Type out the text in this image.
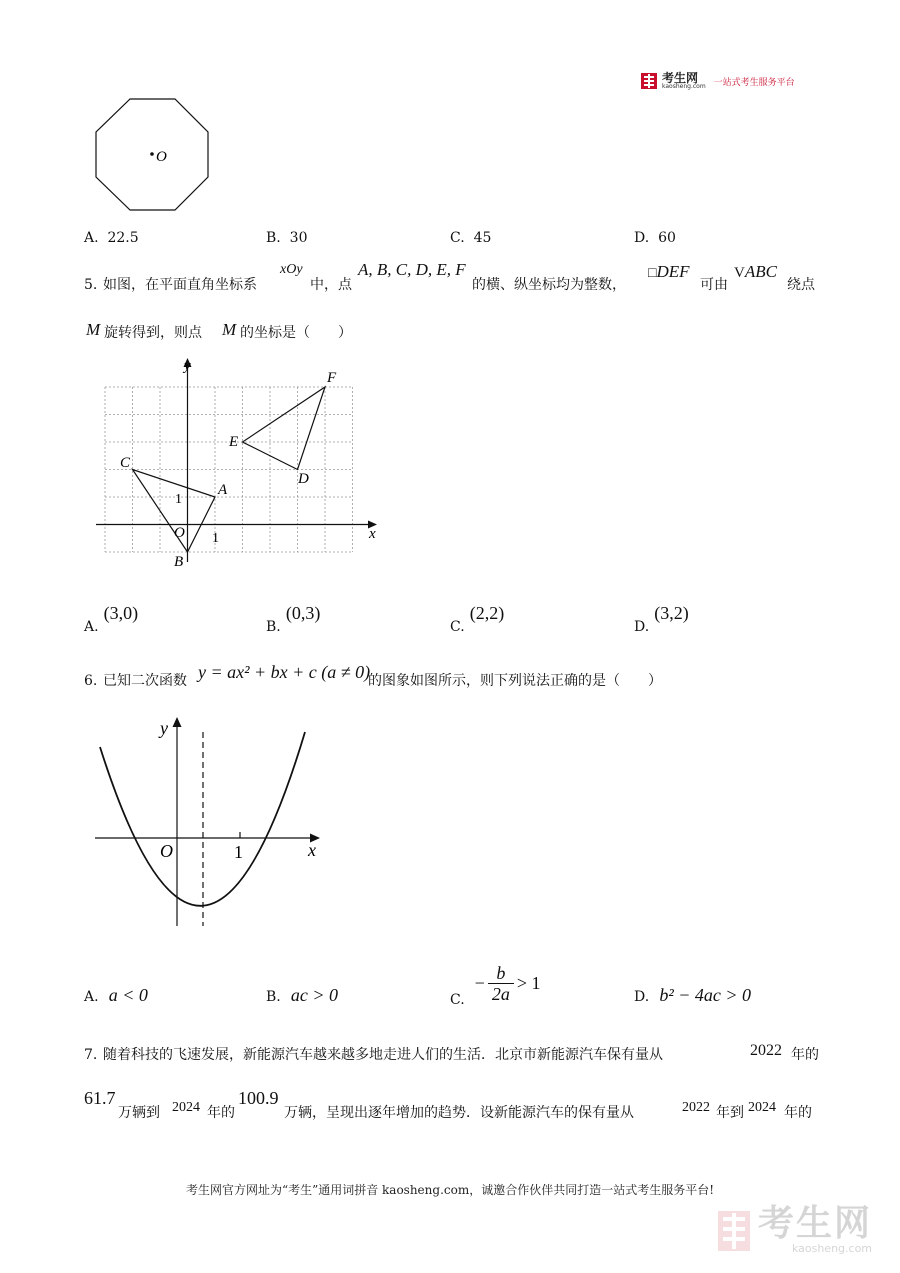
考生网
kaosheng.com 一站式考生服务平台
O
A. 22.5	B. 30	C. 45	D. 60
5. 如图，在平面直角坐标系
xOy
中，点
A, B, C, D, E, F
的横、纵坐标均为整数，
□DEF
可由
VABC
绕点
M 旋转得到，则点 M 的坐标是（　　）
y
x
O 1
1
A
B
C
D
E
F
A. (3,0)
B. (0,3)
C. (2,2)
D. (3,2)
6. 已知二次函数 y = ax² + bx + c (a ≠ 0)
的图象如图所示，则下列说法正确的是（　　）
y
x
O	1
A. a < 0	B. ac > 0	C.
− b
2a
> 1
D. b² − 4ac > 0
7. 随着科技的飞速发展，新能源汽车越来越多地走进人们的生活．北京市新能源汽车保有量从	2022 年的
61.7
万辆到 2024 年的
100.9
万辆，呈现出逐年增加的趋势．设新能源汽车的保有量从	2022 年到 2024 年的
考生网官方网址为“考生”通用词拼音 kaosheng.com，诚邀合作伙伴共同打造一站式考生服务平台!
考生网
kaosheng.com
